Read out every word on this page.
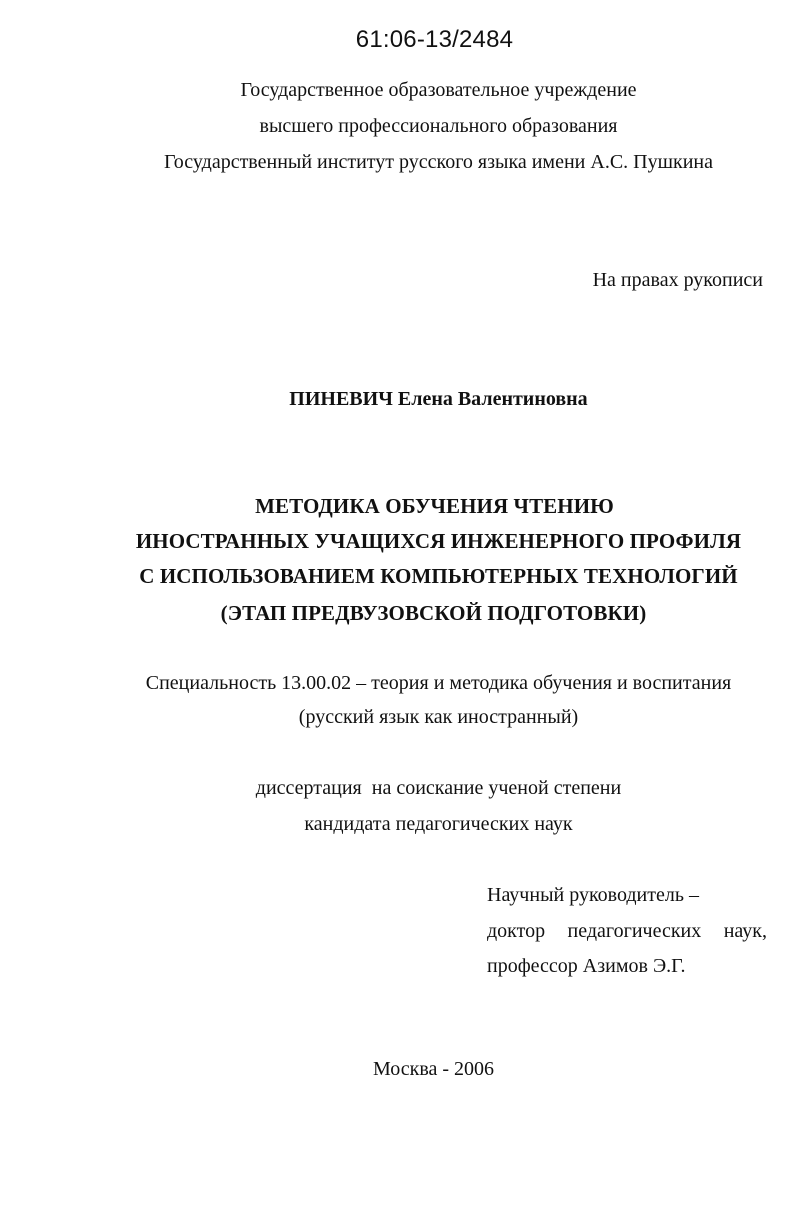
61:06-13/2484
Государственное образовательное учреждение
высшего профессионального образования
Государственный институт русского языка имени А.С. Пушкина
На правах рукописи
ПИНЕВИЧ Елена Валентиновна
МЕТОДИКА ОБУЧЕНИЯ ЧТЕНИЮ
ИНОСТРАННЫХ УЧАЩИХСЯ ИНЖЕНЕРНОГО ПРОФИЛЯ
С ИСПОЛЬЗОВАНИЕМ КОМПЬЮТЕРНЫХ ТЕХНОЛОГИЙ
(ЭТАП ПРЕДВУЗОВСКОЙ ПОДГОТОВКИ)
Специальность 13.00.02 – теория и методика обучения и воспитания
(русский язык как иностранный)
диссертация  на соискание ученой степени
кандидата педагогических наук
Научный руководитель –
доктор педагогических наук,
профессор Азимов Э.Г.
Москва - 2006
